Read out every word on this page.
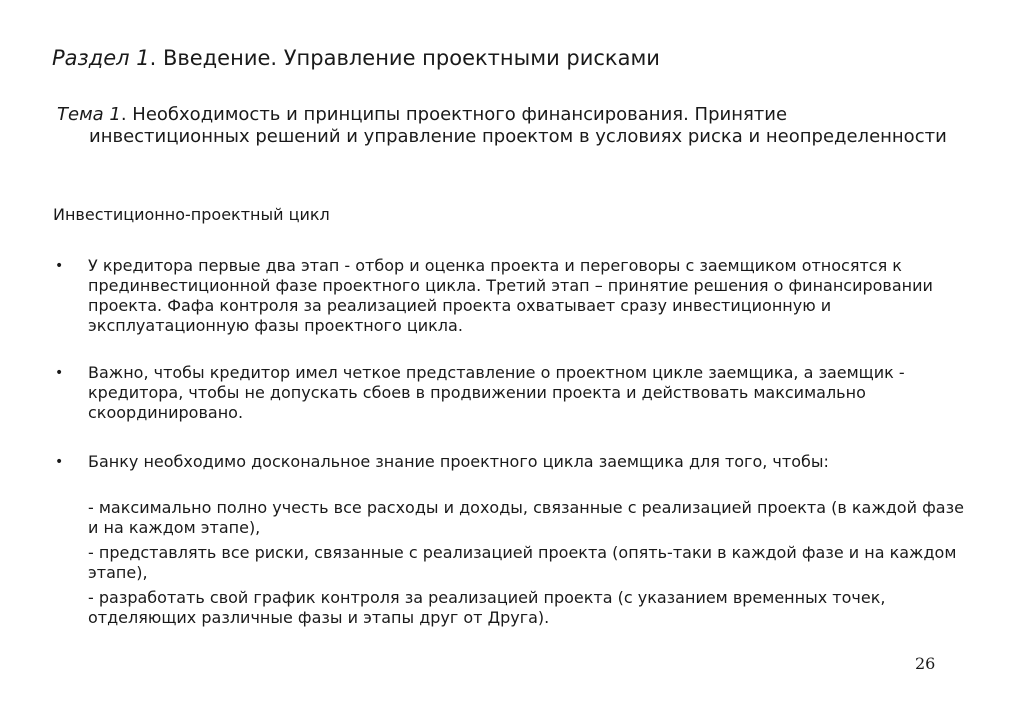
Раздел 1. Введение. Управление проектными рисками
Тема 1. Необходимость и принципы проектного финансирования. Принятие инвестиционных решений и управление проектом в условиях риска и неопределенности
Инвестиционно-проектный цикл
• У кредитора первые два этап - отбор и оценка проекта и переговоры с заемщиком относятся к прединвестиционной фазе проектного цикла. Третий этап – принятие решения о финансировании проекта. Фафа контроля за реализацией проекта охватывает сразу инвестиционную и эксплуатационную фазы проектного цикла.
• Важно, чтобы кредитор имел четкое представление о проектном цикле заемщика, а заемщик - кредитора, чтобы не допускать сбоев в продвижении проекта и действовать максимально скоординировано.
• Банку необходимо доскональное знание проектного цикла заемщика для того, чтобы:
- максимально полно учесть все расходы и доходы, связанные с реализацией проекта (в каждой фазе и на каждом этапе),
- представлять все риски, связанные с реализацией проекта (опять-таки в каждой фазе и на каждом этапе),
- разработать свой график контроля за реализацией проекта (с указанием временных точек, отделяющих различные фазы и этапы друг от Друга).
26
